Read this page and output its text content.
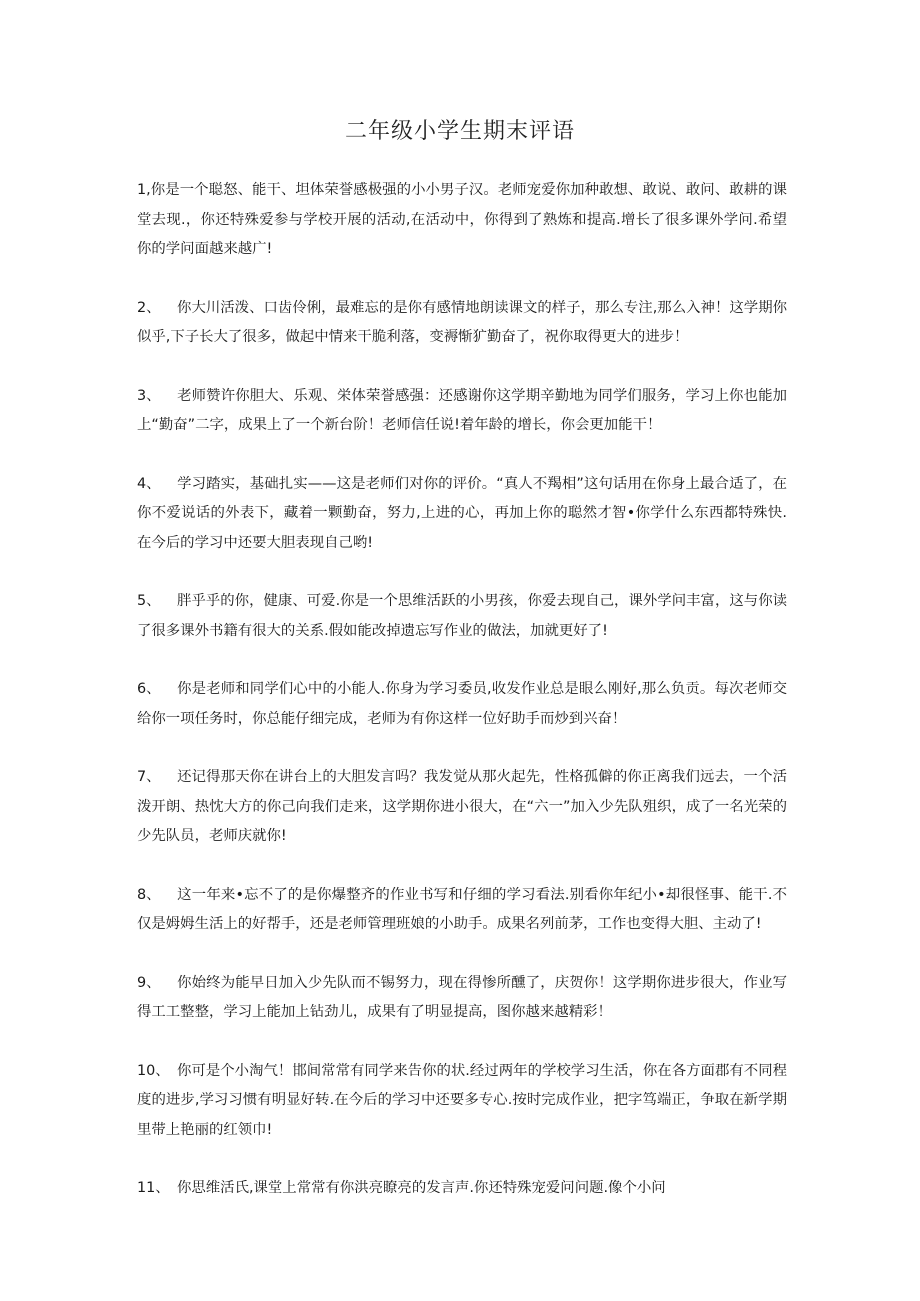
二年级小学生期末评语

1,你是一个聪怒、能干、坦体荣誉感极强的小小男子汉。老师宠爱你加种敢想、敢说、敢问、敢耕的课堂去现.，你还特殊爱参与学校开展的活动,在活动中，你得到了熟炼和提高.增长了很多课外学问.希望你的学问面越来越广!

2、 你大川活泼、口齿伶俐，最难忘的是你有感情地朗读课文的样子，那么专注,那么入神！这学期你似乎,下子长大了很多，做起中情来干脆利落，变褥惭犷勤奋了，祝你取得更大的进步！

3、 老师赞许你胆大、乐观、栄体荣誉感强：还感谢你这学期辛勤地为同学们服务，学习上你也能加上“勤奋”二字，成果上了一个新台阶！老师信任说!着年龄的增长，你会更加能干！

4、 学习踏实，基础扎实——这是老师们对你的评价。“真人不羯相”这句话用在你身上最合适了，在你不爱说话的外表下，藏着一颗勤奋，努力,上进的心，再加上你的聪然才智•你学什么东西都特殊快.在今后的学习中还要大胆表现自己哟!

5、 胖乎乎的你，健康、可爱.你是一个思维活跃的小男孩，你爱去现自己，课外学问丰富，这与你读了很多课外书籍有很大的关系.假如能改掉遗忘写作业的做法，加就更好了!

6、 你是老师和同学们心中的小能人.你身为学习委员,收发作业总是眼么刚好,那么负贡。每次老师交给你一项任务时，你总能仔细完成，老师为有你这样一位好助手而炒到兴奋！

7、 还记得那天你在讲台上的大胆发言吗？我发觉从那火起先，性格孤僻的你正离我们远去，一个活泼开朗、热忱大方的你己向我们走来，这学期你进小很大，在“六一”加入少先队殂织，成了一名光荣的少先队员，老师庆就你!

8、 这一年来•忘不了的是你爆整齐的作业书写和仔细的学习看法.别看你年纪小•却很怪事、能干.不仅是姆姆生活上的好帮手，还是老师管理班娘的小助手。成果名列前茅，工作也变得大胆、主动了!

9、 你始终为能早日加入少先队而不锡努力，现在得惨所醺了，庆贺你！这学期你进步很大，作业写得工工整整，学习上能加上钻劲儿，成果有了明显提高，图你越来越精彩！

10、 你可是个小淘气！邯间常常有同学来告你的状.经过两年的学校学习生活，你在各方面郡有不同程度的进步,学习习惯有明显好转.在今后的学习中还要多专心.按时完成作业，把字笃端正，争取在新学期里带上艳丽的红领巾!

11、 你思维活氏,课堂上常常有你洪亮瞭亮的发言声.你还特殊宠爱问问题.像个小问
